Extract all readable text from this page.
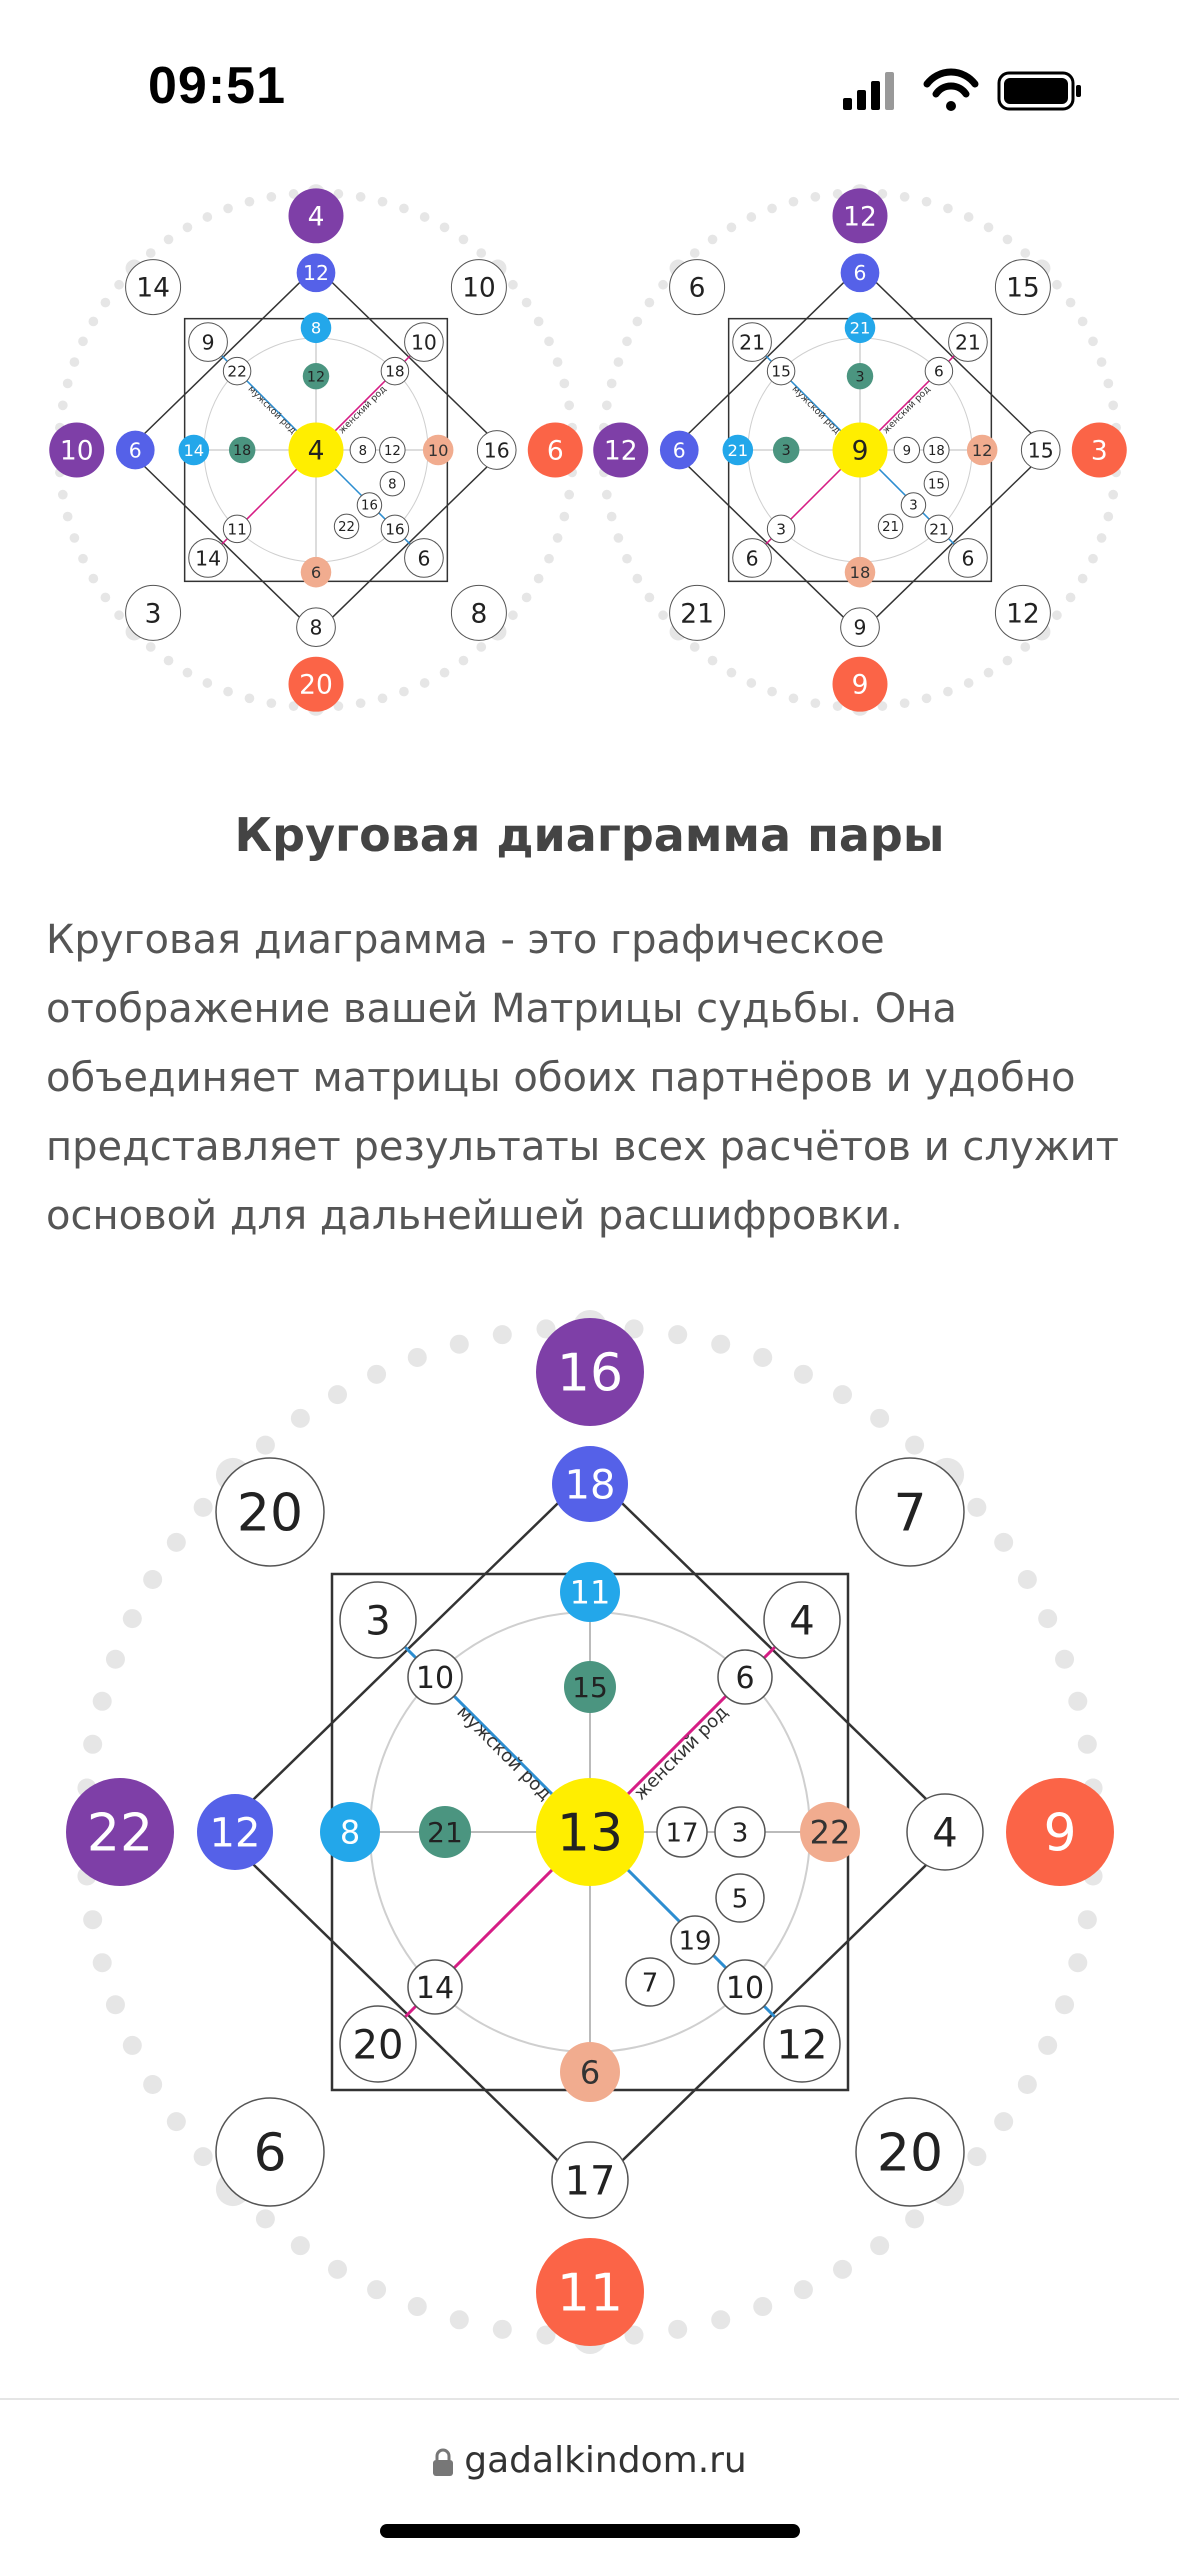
09:51
мужской род	женский род
4
12
10 6	6
16
20
8
4
14	10
3	8
9	10
14	6
8
14
6
10
12
18
22	18
11	16
8 12
8
16
22
мужской род	женский род
12
6
12 6	3
15
9
9
9
6	15
21	12
21	21
6	6
21
21
18
12
3
3
15	6
3	21
9 18
15
3
21
Круговая диаграмма пары
Круговая диаграмма - это графическое отображение вашей Матрицы судьбы. Она объединяет матрицы обоих партнёров и удобно представляет результаты всех расчётов и служит основой для дальнейшей расшифровки.
мужской род	женский род
16
18
22 12	9
4
11
17
13
20	7
6	20
3	4
20	12
11
8
6
22
15
21
10	6
14	10
17 3
5
19
7
gadalkindom.ru
